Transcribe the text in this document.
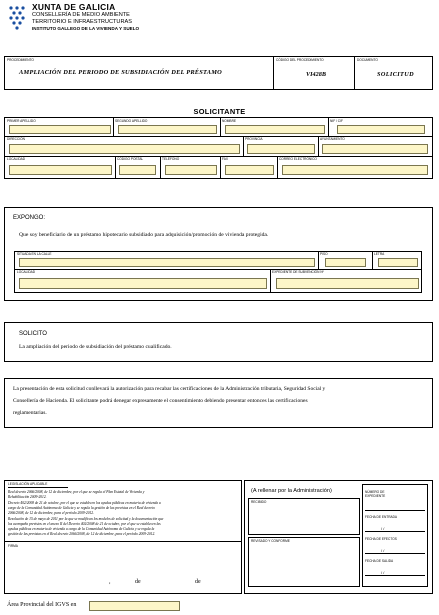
XUNTA DE GALICIA
CONSELLERÍA DE MEDIO AMBIENTE
TERRITORIO E INFRAESTRUCTURAS
INSTITUTO GALLEGO DE LA VIVIENDA Y SUELO
PROCEDIMIENTO
AMPLIACIÓN DEL PERIODO DE SUBSIDIACIÓN DEL PRÉSTAMO
CÓDIGO DEL PROCEDIMIENTO
VI428B
DOCUMENTO
SOLICITUD
SOLICITANTE
PRIMER APELLIDO	SEGUNDO APELLIDO	NOMBRE	NIF / CIF
DIRECCIÓN	PROVINCIA	AYUNTAMIENTO
LOCALIDAD	CÓDIGO POSTAL	TELÉFONO	FAX	CORREO ELECTRÓNICO
EXPONGO:
Que soy beneficiario de un préstamo hipotecario subsidiado para adquisición/promoción de vivienda protegida.
SITUADA EN LA CALLE	PISO	LETRA
LOCALIDAD	EXPEDIENTE DE SUBVENCIÓN Nº
SOLICITO
La ampliación del periodo de subsidiación del préstamo cualificado.
La presentación de esta solicitud conllevará la autorización para recabar las certificaciones de la Administración tributaria, Seguridad Social y
Consellería de Hacienda. El solicitante podrá denegar expresamente el consentimiento debiendo presentar entonces las certificaciones
reglamentarias.
LEGISLACIÓN APLICABLE
Real decreto 2066/2008, de 12 de diciembre, por el que se regula el Plan Estatal de Vivienda y
Rehabilitación 2009-2012.
Decreto 402/2008 de 21 de octubre, por el que se establecen los ayudas públicas en materia de vivienda a
cargo de la Comunidad Autónoma de Galicia y se regula la gestión de las previstas en el Real decreto
2066/2008, de 12 de diciembre, para el período 2009-2012.
Resolución de 15 de mayo de 2011 por la que se modifican los modelos de solicitud y la documentación que
los acompaña previstos en el anexo II del Decreto 402/2008 de 21 de octubre, por el que se establecen las
ayudas públicas en materia de vivienda a cargo de la Comunidad Autónoma de Galicia y se regula la
gestión de las previstas en el Real decreto 2066/2008, de 12 de diciembre, para el período 2009-2012.
FIRMA
,	de	de
(A rellenar por la Administración)
RECIBIDO
REVISADO Y CONFORME
NÚMERO DE
EXPEDIENTE
FECHA DE ENTRADA
/ /
FECHA DE EFECTOS
/ /
FECHA DE SALIDA
/ /
Área Provincial del IGVS en
